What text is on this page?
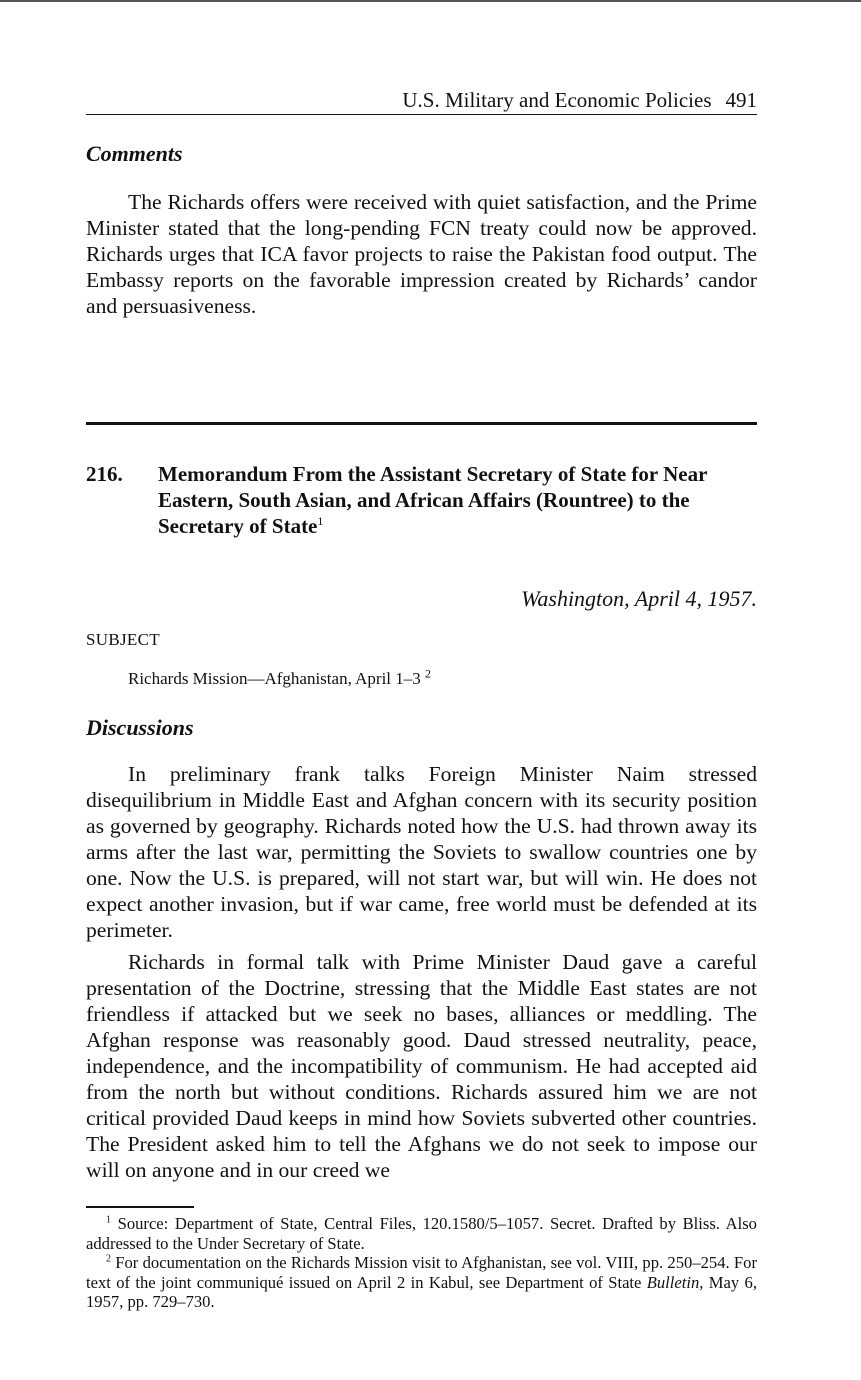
U.S. Military and Economic Policies 491
Comments

The Richards offers were received with quiet satisfaction, and the Prime Minister stated that the long-pending FCN treaty could now be approved. Richards urges that ICA favor projects to raise the Pakistan food output. The Embassy reports on the favorable impression created by Richards’ candor and persuasiveness.

216. Memorandum From the Assistant Secretary of State for Near Eastern, South Asian, and African Affairs (Rountree) to the Secretary of State$^1$
Washington, April 4, 1957.
SUBJECT
Richards Mission—Afghanistan, April 1–3 $^2$
Discussions

In preliminary frank talks Foreign Minister Naim stressed disequilibrium in Middle East and Afghan concern with its security position as governed by geography. Richards noted how the U.S. had thrown away its arms after the last war, permitting the Soviets to swallow countries one by one. Now the U.S. is prepared, will not start war, but will win. He does not expect another invasion, but if war came, free world must be defended at its perimeter.

Richards in formal talk with Prime Minister Daud gave a careful presentation of the Doctrine, stressing that the Middle East states are not friendless if attacked but we seek no bases, alliances or meddling. The Afghan response was reasonably good. Daud stressed neutrality, peace, independence, and the incompatibility of communism. He had accepted aid from the north but without conditions. Richards assured him we are not critical provided Daud keeps in mind how Soviets subverted other countries. The President asked him to tell the Afghans we do not seek to impose our will on anyone and in our creed we

$^1$ Source: Department of State, Central Files, 120.1580/5–1057. Secret. Drafted by Bliss. Also addressed to the Under Secretary of State.

$^2$ For documentation on the Richards Mission visit to Afghanistan, see vol. VIII, pp. 250–254. For text of the joint communiqué issued on April 2 in Kabul, see Department of State Bulletin, May 6, 1957, pp. 729–730.
